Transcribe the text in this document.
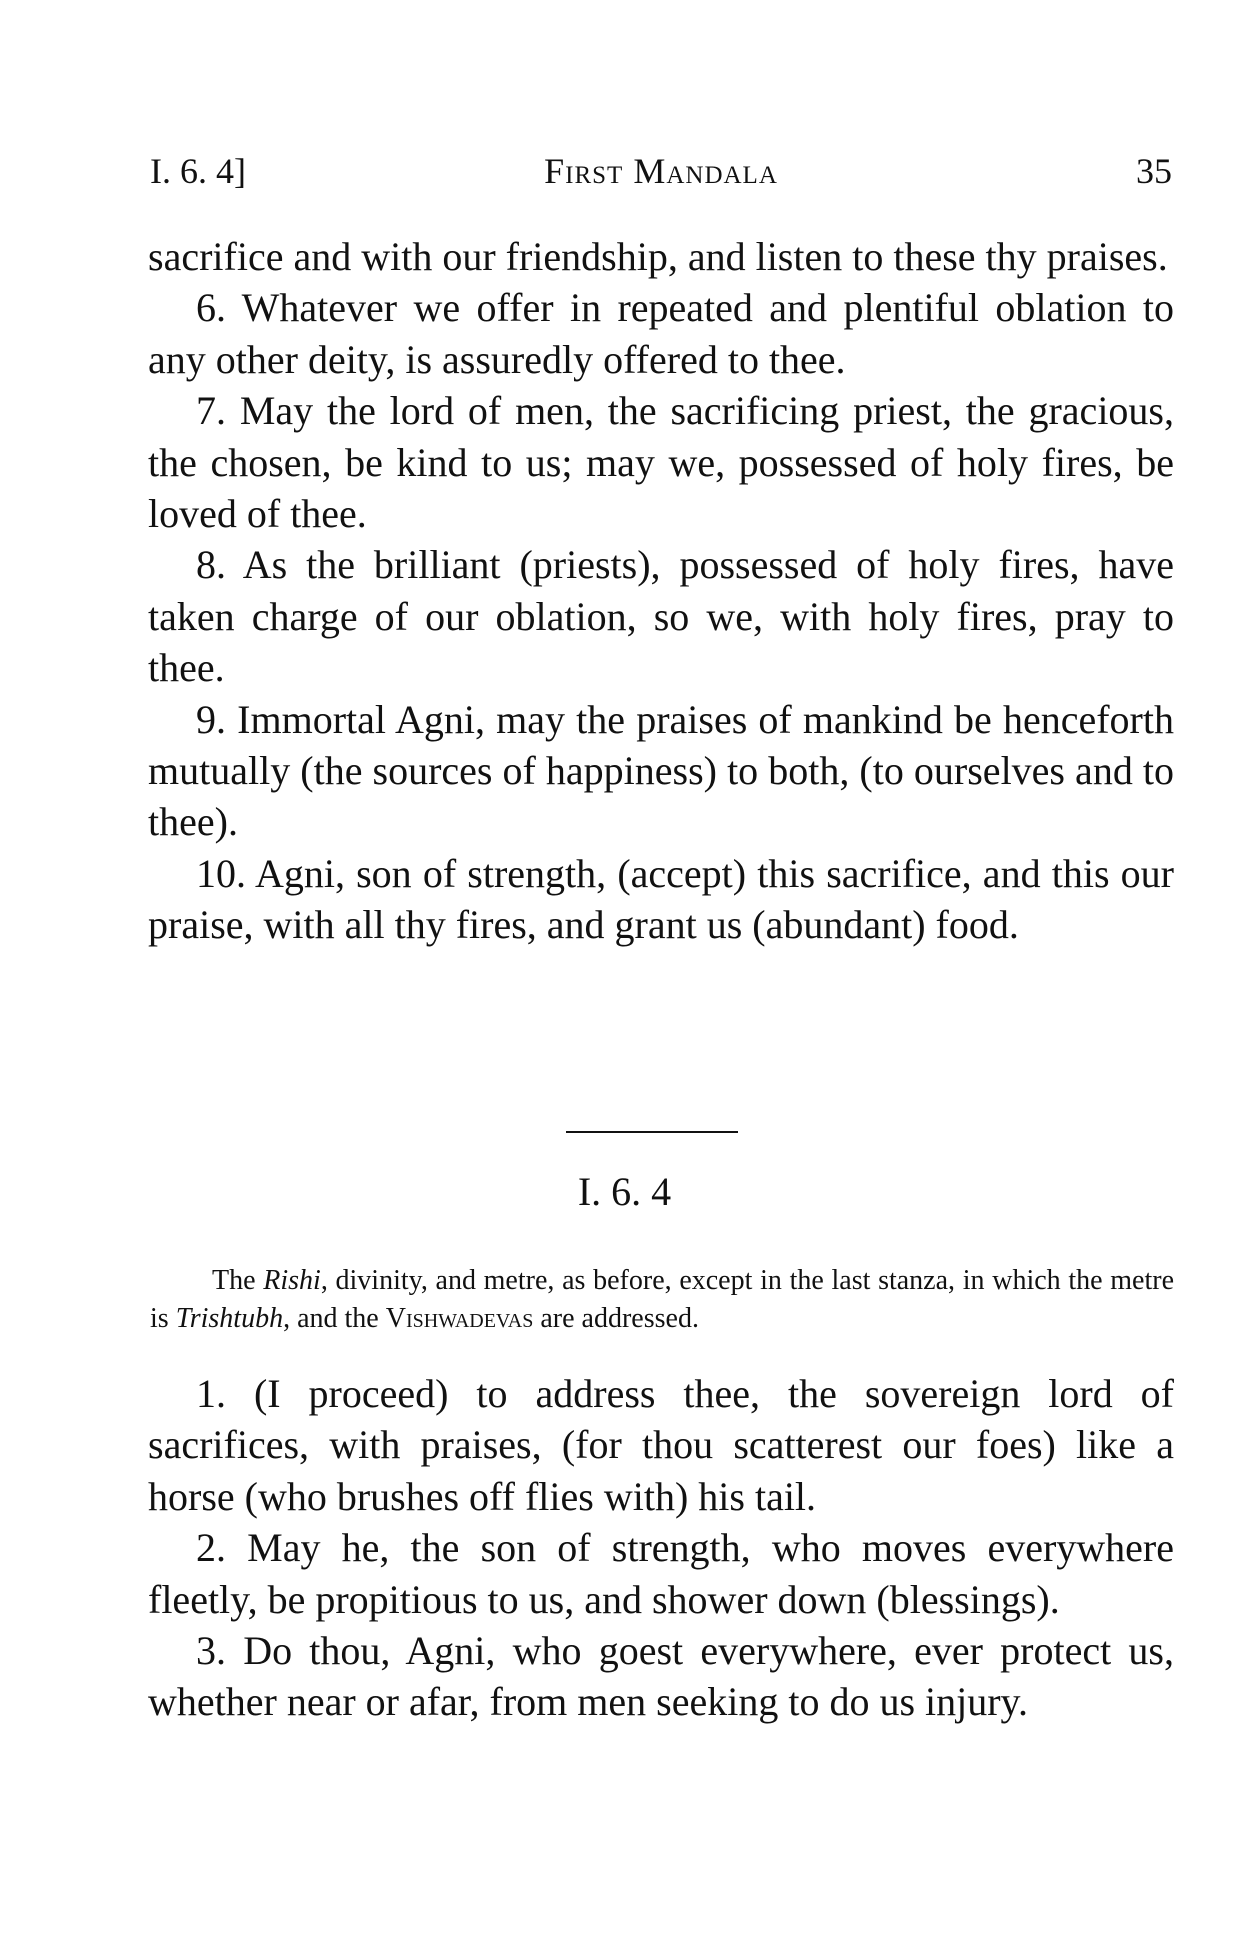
I. 6. 4]	First Mandala	35

sacrifice and with our friendship, and listen to these thy praises.

6. Whatever we offer in repeated and plentiful oblation to any other deity, is assuredly offered to thee.

7. May the lord of men, the sacrificing priest, the gracious, the chosen, be kind to us; may we, possessed of holy fires, be loved of thee.

8. As the brilliant (priests), possessed of holy fires, have taken charge of our oblation, so we, with holy fires, pray to thee.

9. Immortal Agni, may the praises of mankind be henceforth mutually (the sources of happiness) to both, (to ourselves and to thee).

10. Agni, son of strength, (accept) this sacrifice, and this our praise, with all thy fires, and grant us (abundant) food.

I. 6. 4

The Rishi, divinity, and metre, as before, except in the last stanza, in which the metre is Trishtubh, and the Vishwadevas are addressed.

1. (I proceed) to address thee, the sovereign lord of sacrifices, with praises, (for thou scatterest our foes) like a horse (who brushes off flies with) his tail.

2. May he, the son of strength, who moves everywhere fleetly, be propitious to us, and shower down (blessings).

3. Do thou, Agni, who goest everywhere, ever protect us, whether near or afar, from men seeking to do us injury.
